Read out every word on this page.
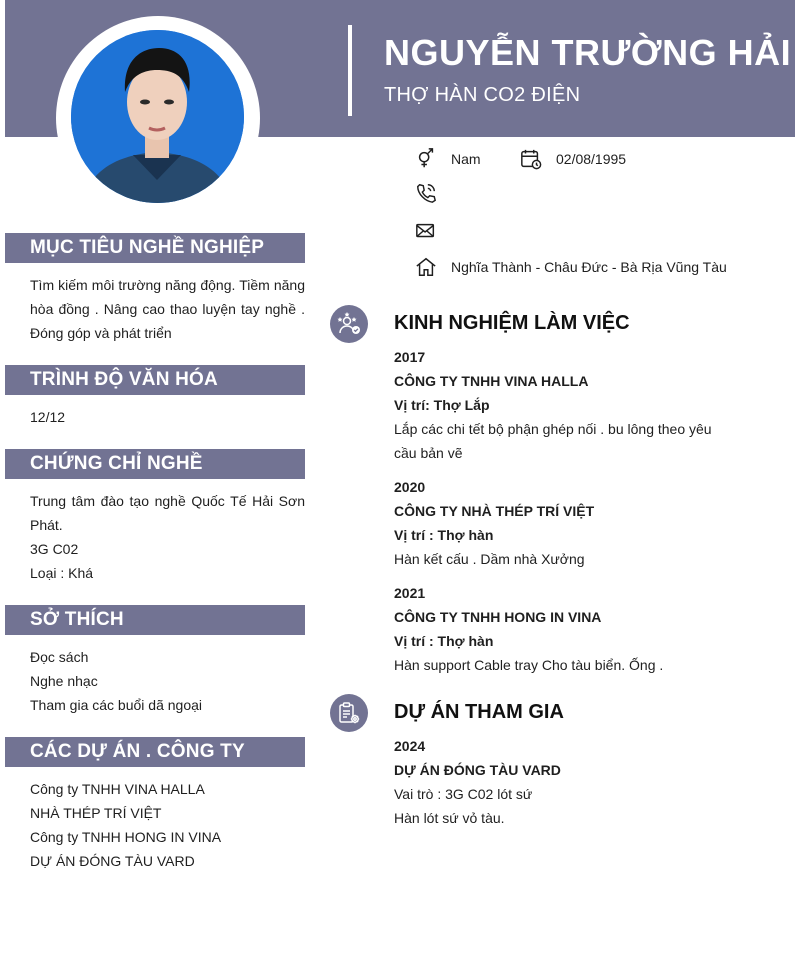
NGUYỄN TRƯỜNG HẢI
THỢ HÀN CO2 ĐIỆN
Nam	02/08/1995
Nghĩa Thành - Châu Đức - Bà Rịa Vũng Tàu
MỤC TIÊU NGHỀ NGHIỆP
Tìm kiếm môi trường năng động. Tiềm năng hòa đồng . Nâng cao thao luyện tay nghề . Đóng góp và phát triển
TRÌNH ĐỘ VĂN HÓA
12/12
CHỨNG CHỈ NGHỀ
Trung tâm đào tạo nghề Quốc Tế Hải Sơn Phát.
3G C02
Loại : Khá
SỞ THÍCH
Đọc sách
Nghe nhạc
Tham gia các buổi dã ngoại
CÁC DỰ ÁN . CÔNG TY
Công ty TNHH VINA HALLA
NHÀ THÉP TRÍ VIỆT
Công ty TNHH HONG IN VINA
DỰ ÁN ĐÓNG TÀU VARD
KINH NGHIỆM LÀM VIỆC
2017
CÔNG TY TNHH VINA HALLA
Vị trí: Thợ Lắp
Lắp các chi tết bộ phận ghép nối . bu lông theo yêu cầu bản vẽ
2020
CÔNG TY NHÀ THÉP TRÍ VIỆT
Vị trí : Thợ hàn
Hàn kết cấu . Dầm nhà Xưởng
2021
CÔNG TY TNHH HONG IN VINA
Vị trí : Thợ hàn
Hàn support Cable tray Cho tàu biển. Ống .
DỰ ÁN THAM GIA
2024
DỰ ÁN ĐÓNG TÀU VARD
Vai trò : 3G C02 lót sứ
Hàn lót sứ vỏ tàu.
